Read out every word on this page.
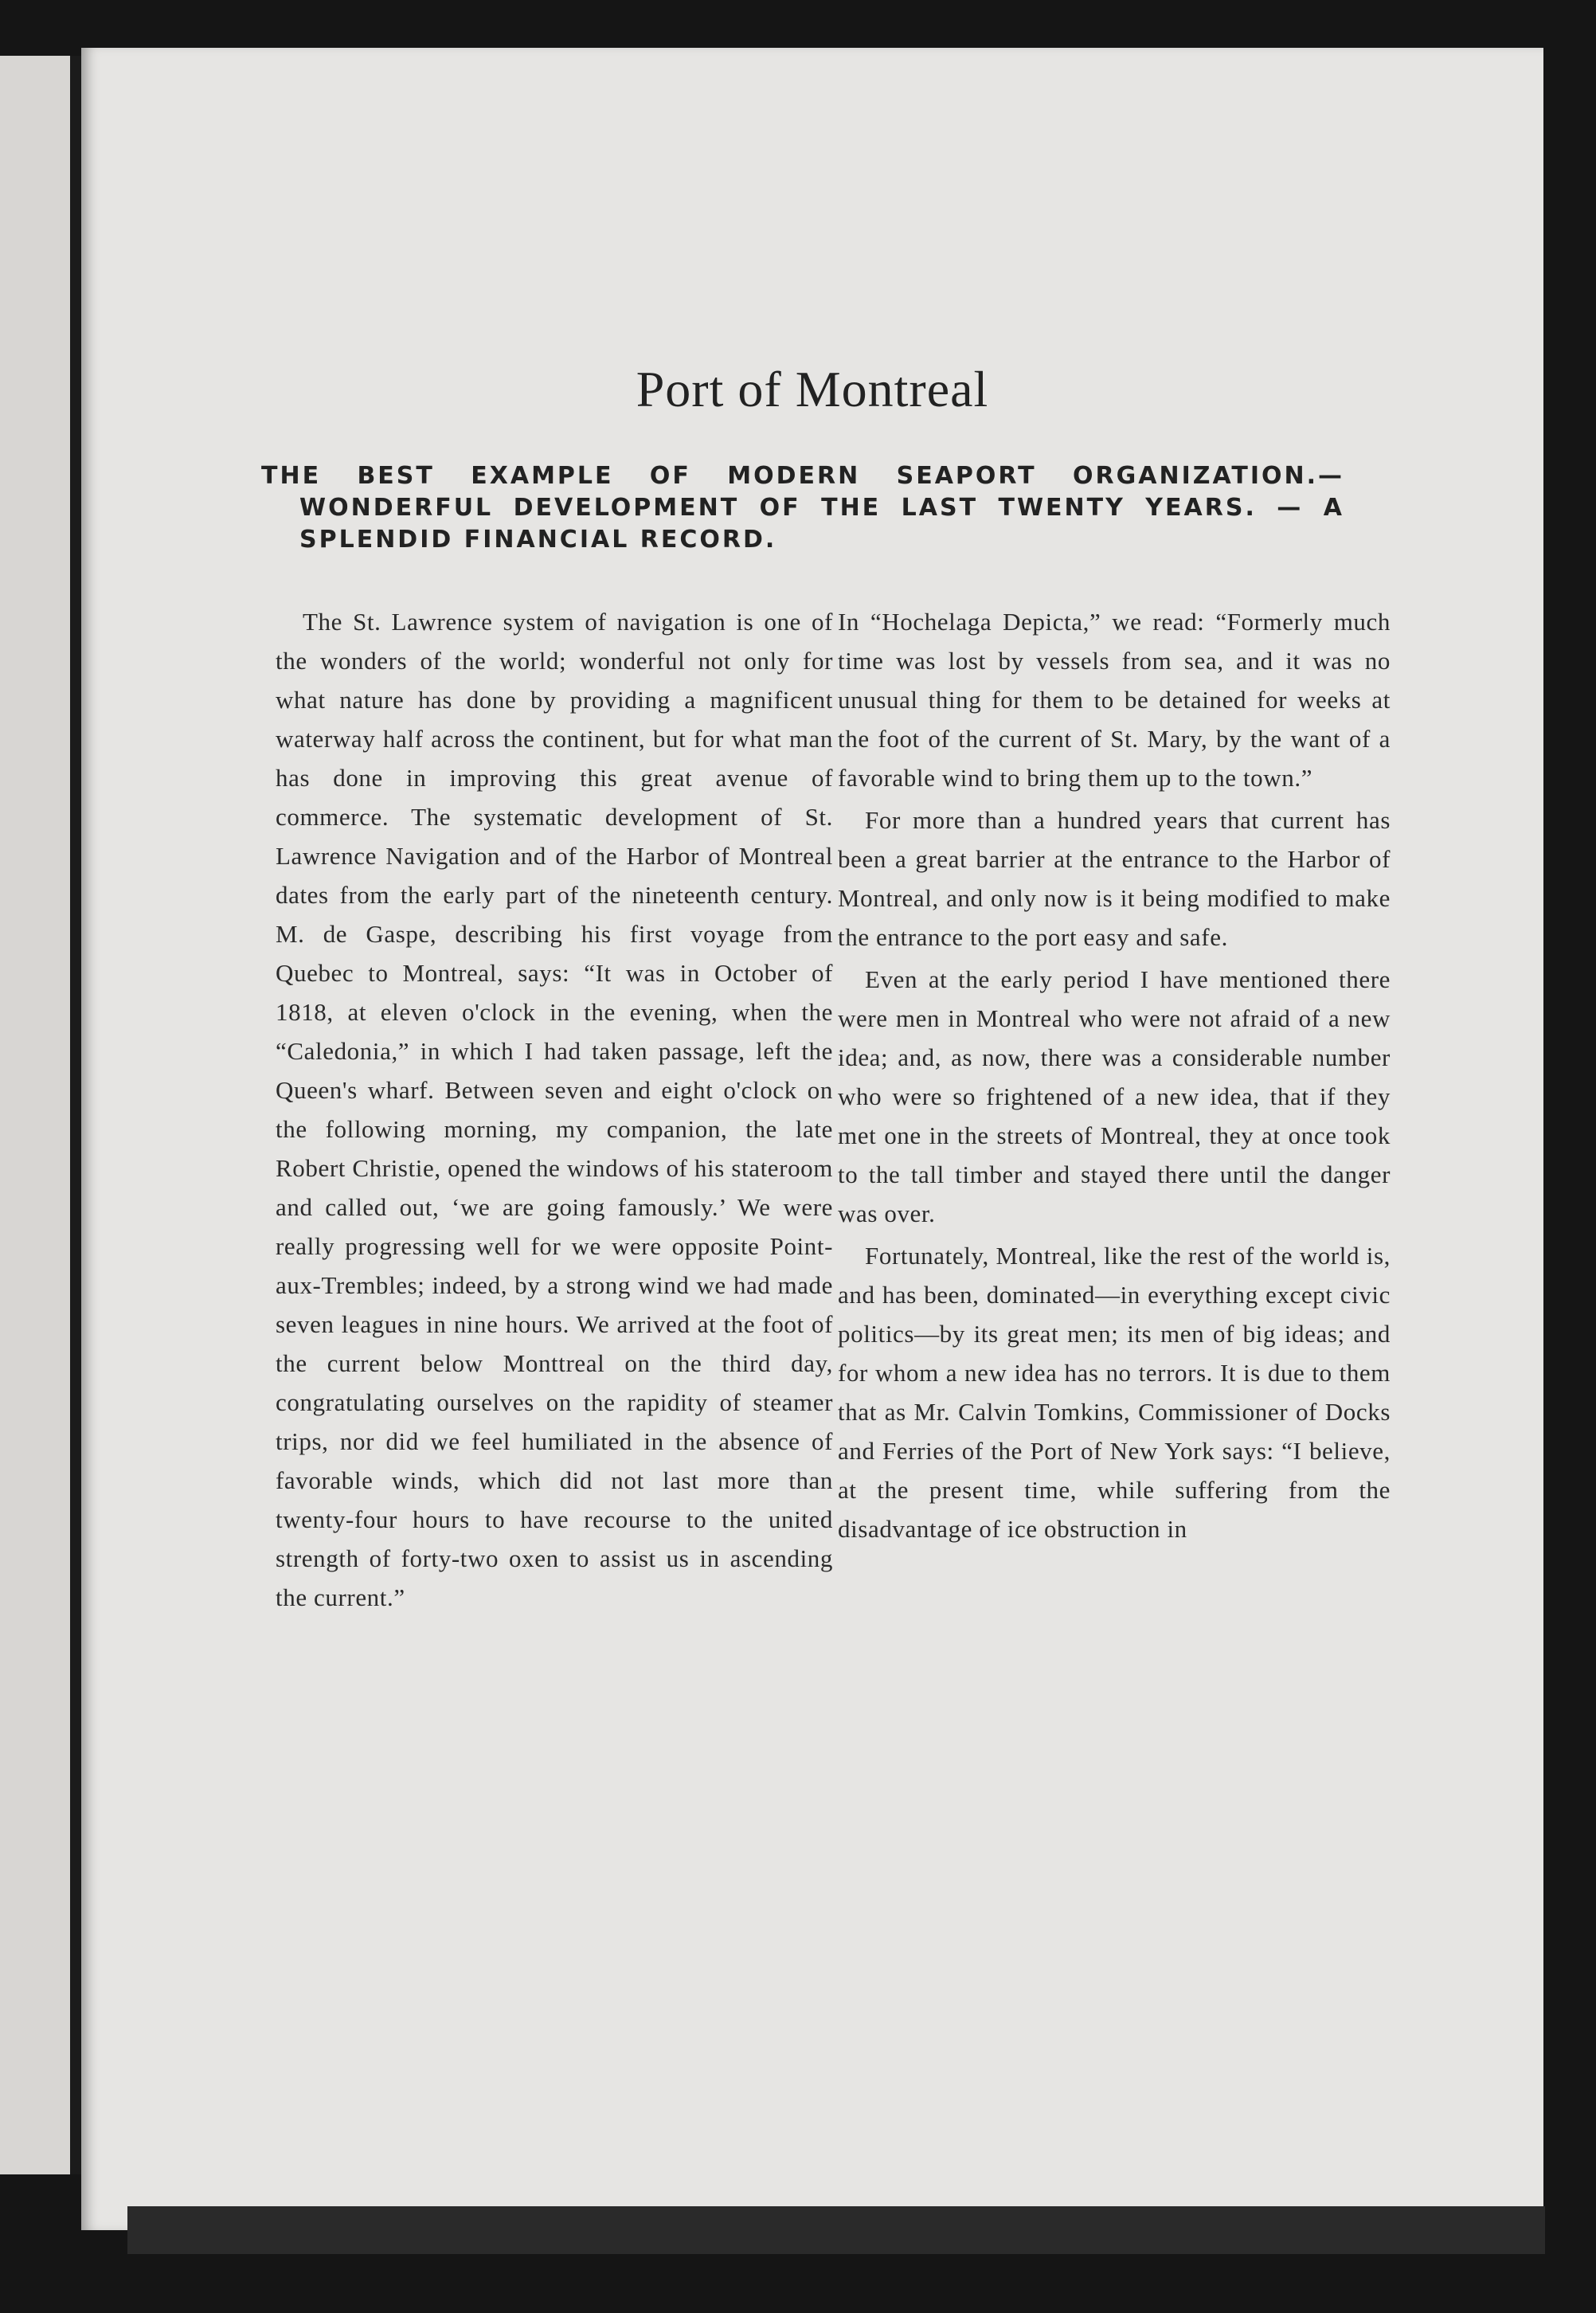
Port of Montreal
THE BEST EXAMPLE OF MODERN SEAPORT ORGANIZATION.—WONDERFUL DEVELOPMENT OF THE LAST TWENTY YEARS. — A SPLENDID FINANCIAL RECORD.

The St. Lawrence system of navigation is one of the wonders of the world; wonderful not only for what nature has done by providing a magnificent waterway half across the continent, but for what man has done in improving this great avenue of commerce. The systematic development of St. Lawrence Navigation and of the Harbor of Montreal dates from the early part of the nineteenth century. M. de Gaspe, describing his first voyage from Quebec to Montreal, says: “It was in October of 1818, at eleven o'clock in the evening, when the “Caledonia,” in which I had taken passage, left the Queen's wharf. Between seven and eight o'clock on the following morning, my companion, the late Robert Christie, opened the windows of his stateroom and called out, ‘we are going famously.’ We were really progressing well for we were opposite Point-aux-Trembles; indeed, by a strong wind we had made seven leagues in nine hours. We arrived at the foot of the current below Monttreal on the third day, congratulating ourselves on the rapidity of steamer trips, nor did we feel humiliated in the absence of favorable winds, which did not last more than twenty-four hours to have recourse to the united strength of forty-two oxen to assist us in ascending the current.”

In “Hochelaga Depicta,” we read: “Formerly much time was lost by vessels from sea, and it was no unusual thing for them to be detained for weeks at the foot of the current of St. Mary, by the want of a favorable wind to bring them up to the town.”

For more than a hundred years that current has been a great barrier at the entrance to the Harbor of Montreal, and only now is it being modified to make the entrance to the port easy and safe.

Even at the early period I have mentioned there were men in Montreal who were not afraid of a new idea; and, as now, there was a considerable number who were so frightened of a new idea, that if they met one in the streets of Montreal, they at once took to the tall timber and stayed there until the danger was over.

Fortunately, Montreal, like the rest of the world is, and has been, dominated—in everything except civic politics—by its great men; its men of big ideas; and for whom a new idea has no terrors. It is due to them that as Mr. Calvin Tomkins, Commissioner of Docks and Ferries of the Port of New York says: “I believe, at the present time, while suffering from the disadvantage of ice obstruction in
